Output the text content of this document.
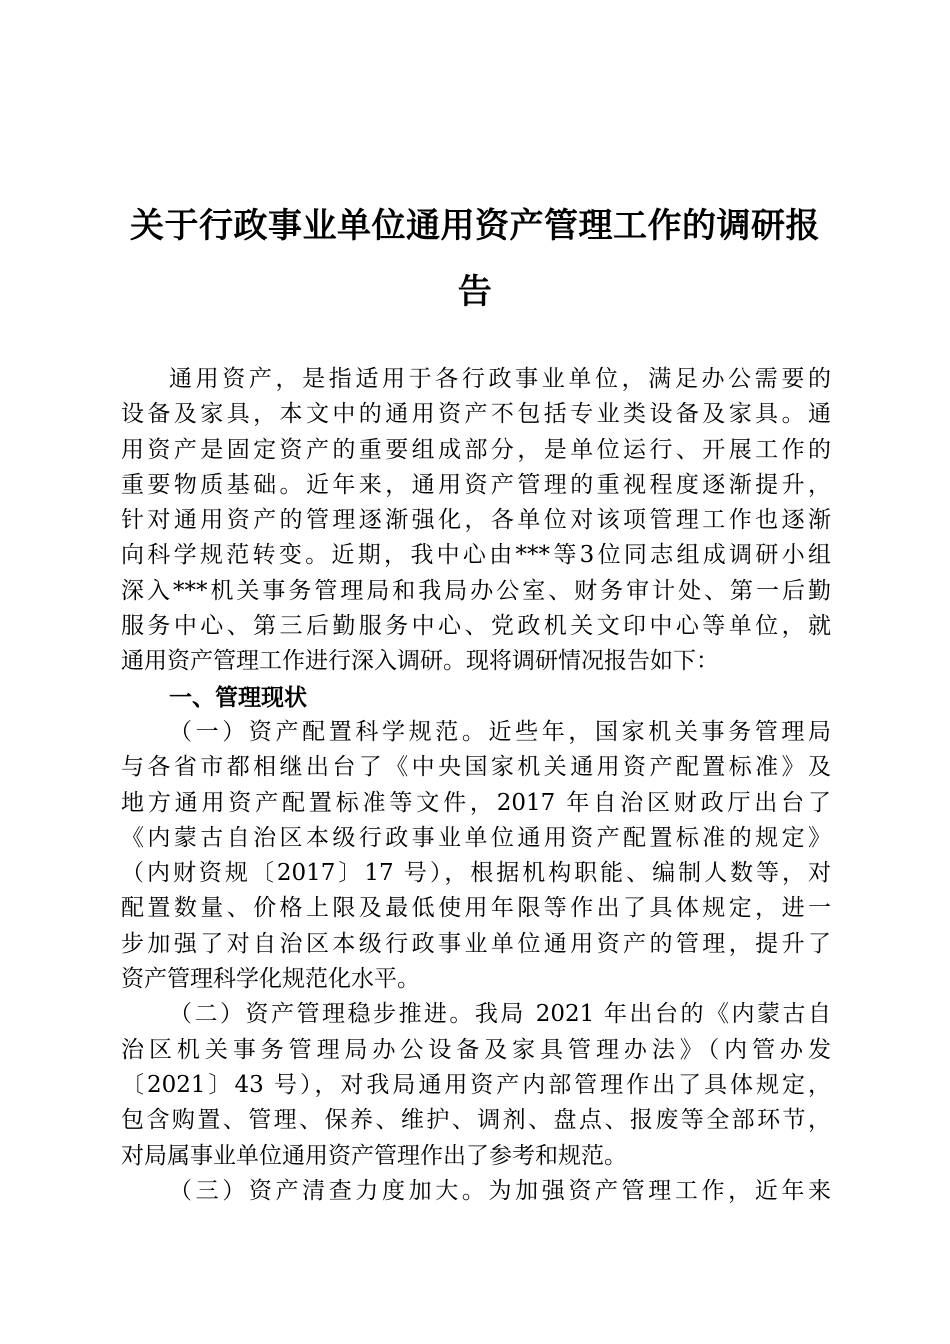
关于行政事业单位通用资产管理工作的调研报
告
通用资产，是指适用于各行政事业单位，满足办公需要的
设备及家具，本文中的通用资产不包括专业类设备及家具。通
用资产是固定资产的重要组成部分，是单位运行、开展工作的
重要物质基础。近年来，通用资产管理的重视程度逐渐提升，
针对通用资产的管理逐渐强化，各单位对该项管理工作也逐渐
向科学规范转变。近期，我中心由***等3位同志组成调研小组
深入***机关事务管理局和我局办公室、财务审计处、第一后勤
服务中心、第三后勤服务中心、党政机关文印中心等单位，就
通用资产管理工作进行深入调研。现将调研情况报告如下：
一、管理现状
（一）资产配置科学规范。近些年，国家机关事务管理局
与各省市都相继出台了《中央国家机关通用资产配置标准》及
地方通用资产配置标准等文件，2017 年自治区财政厅出台了
《内蒙古自治区本级行政事业单位通用资产配置标准的规定》
（内财资规〔2017〕17 号），根据机构职能、编制人数等，对
配置数量、价格上限及最低使用年限等作出了具体规定，进一
步加强了对自治区本级行政事业单位通用资产的管理，提升了
资产管理科学化规范化水平。
（二）资产管理稳步推进。我局 2021 年出台的《内蒙古自
治区机关事务管理局办公设备及家具管理办法》（内管办发
〔2021〕43 号），对我局通用资产内部管理作出了具体规定，
包含购置、管理、保养、维护、调剂、盘点、报废等全部环节，
对局属事业单位通用资产管理作出了参考和规范。
（三）资产清查力度加大。为加强资产管理工作，近年来
